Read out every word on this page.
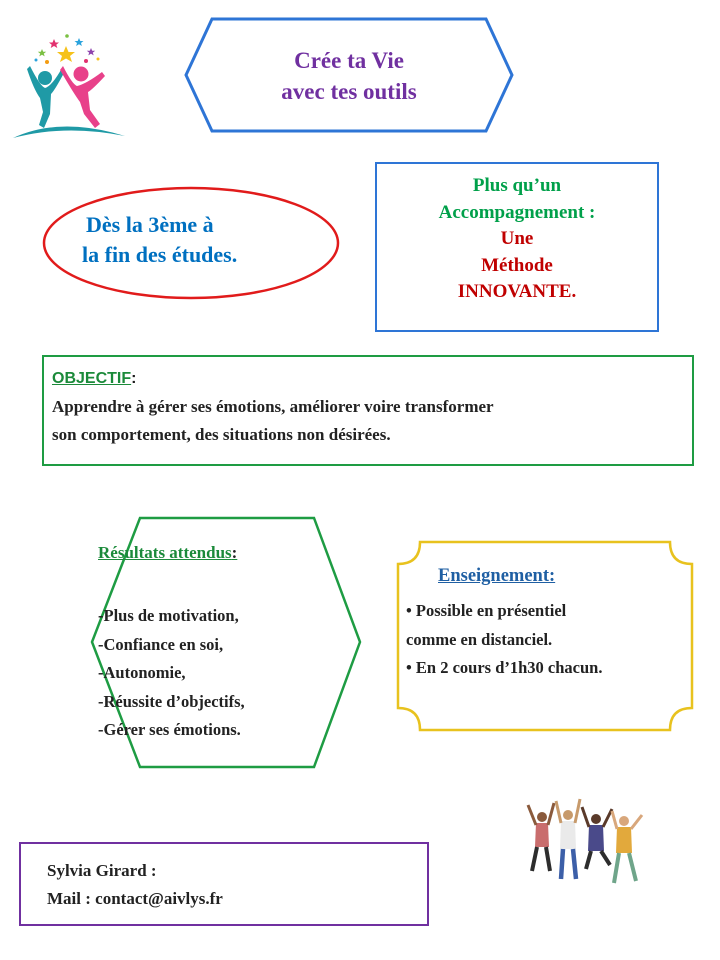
Crée ta Vie
avec tes outils
Dès la 3ème à
la fin des études.
Plus qu’un
Accompagnement :
Une
Méthode
INNOVANTE.
OBJECTIF:
Apprendre à gérer ses émotions, améliorer voire transformer
son comportement, des situations non désirées.
Résultats attendus:
-Plus de motivation,
-Confiance en soi,
-Autonomie,
-Réussite d’objectifs,
-Gérer ses émotions.
Enseignement:
• Possible en présentiel
comme en distanciel.
• En 2 cours d’1h30 chacun.
Sylvia Girard :
Mail : contact@aivlys.fr
